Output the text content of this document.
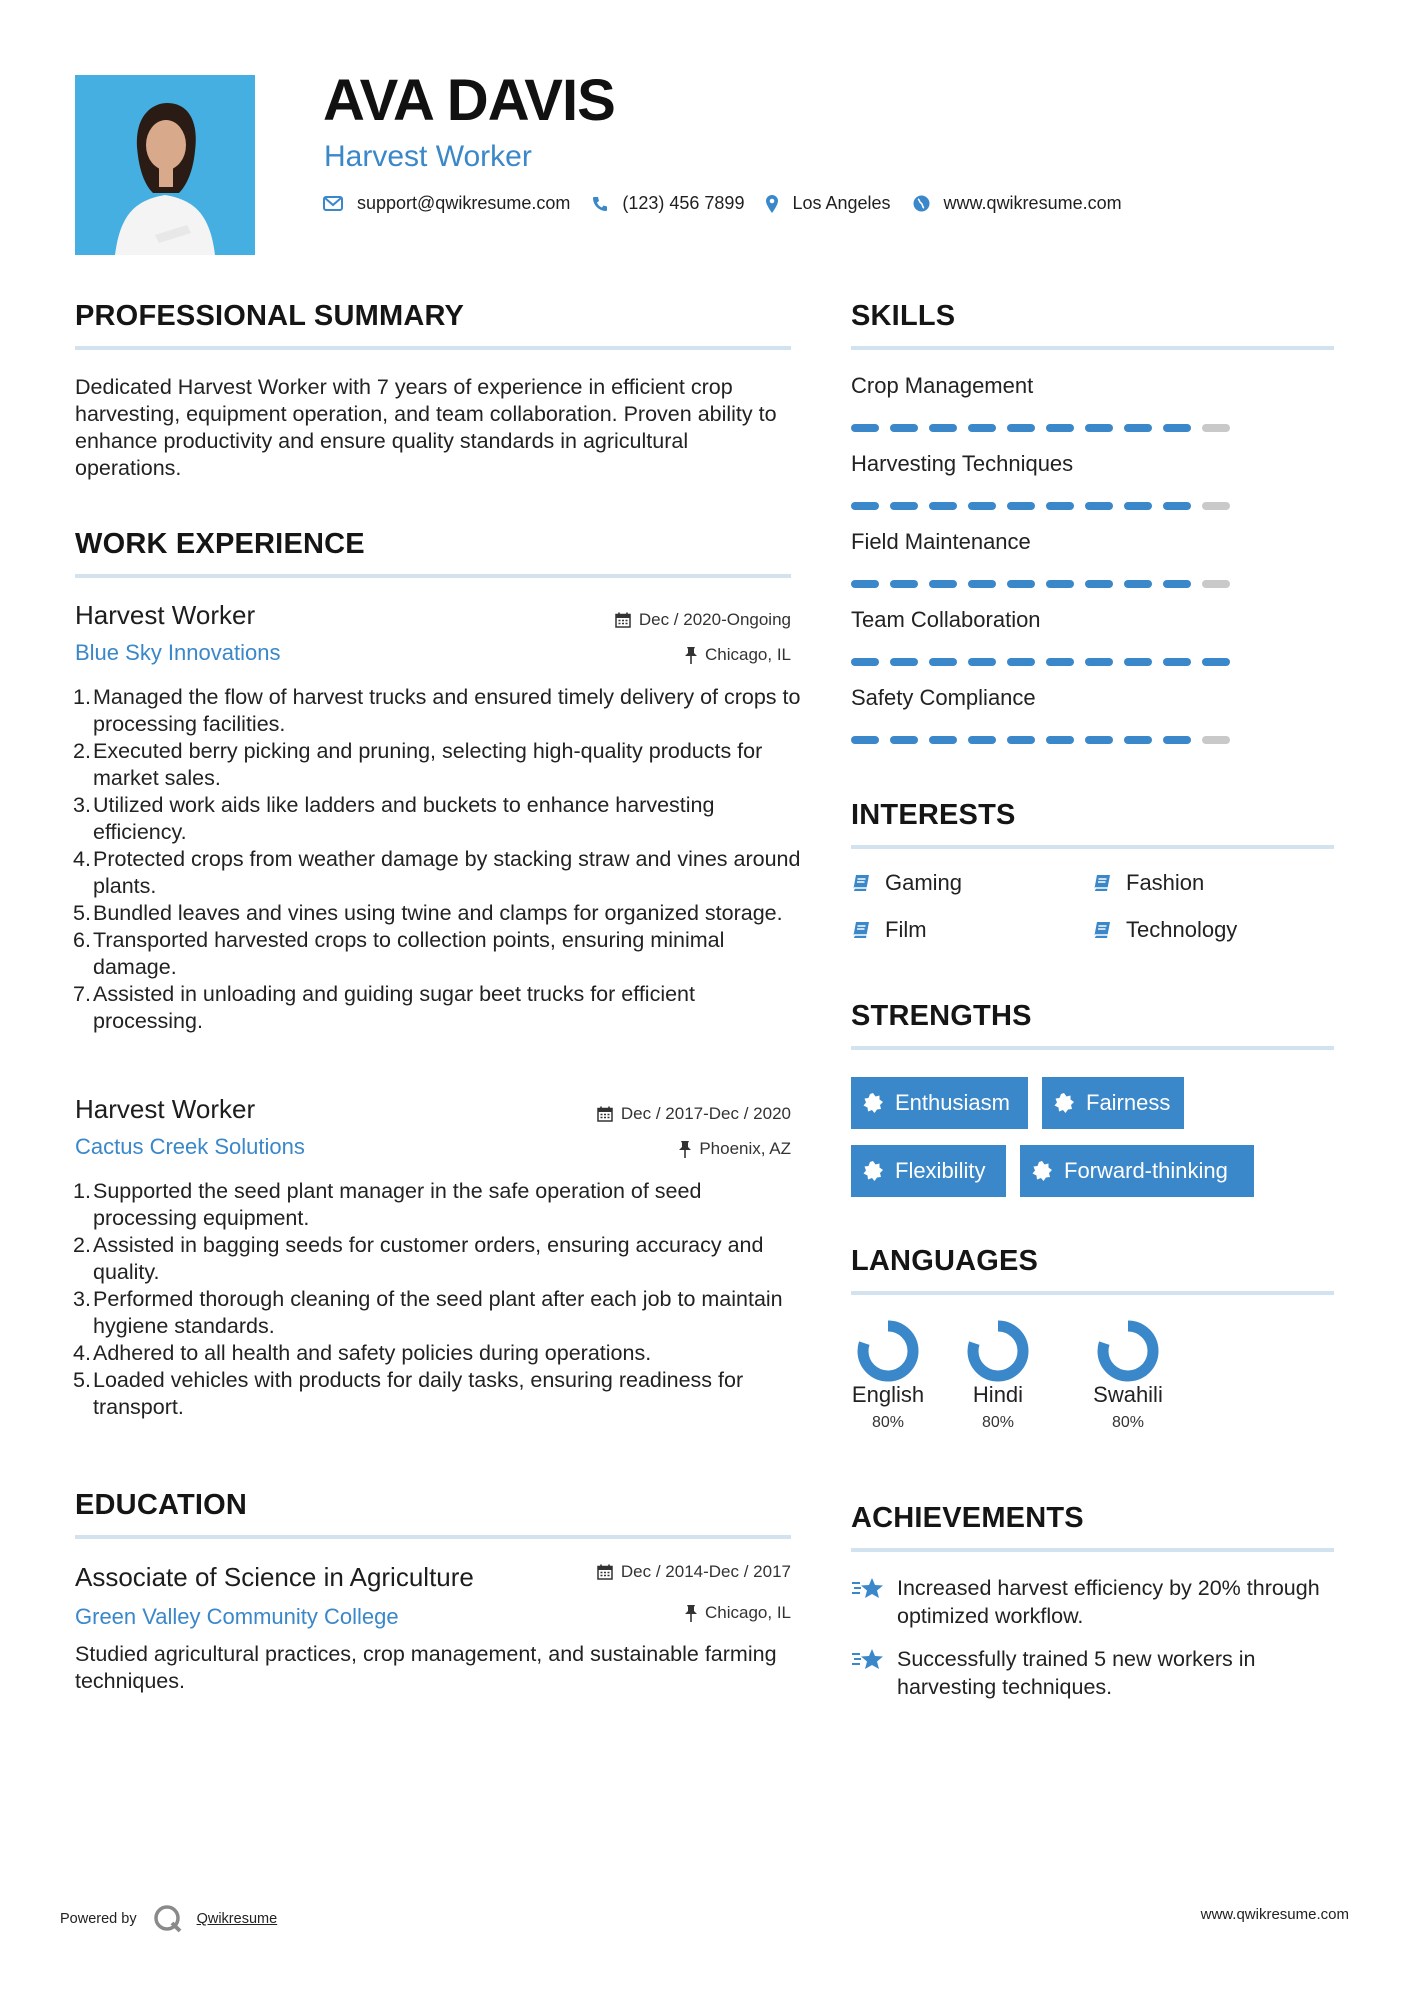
AVA DAVIS
Harvest Worker
support@qwikresume.com	(123) 456 7899	Los Angeles	www.qwikresume.com
PROFESSIONAL SUMMARY
Dedicated Harvest Worker with 7 years of experience in efficient crop harvesting, equipment operation, and team collaboration. Proven ability to enhance productivity and ensure quality standards in agricultural operations.
WORK EXPERIENCE
Harvest Worker	Dec / 2020-Ongoing
Blue Sky Innovations	Chicago, IL
Managed the flow of harvest trucks and ensured timely delivery of crops to processing facilities.
Executed berry picking and pruning, selecting high-quality products for market sales.
Utilized work aids like ladders and buckets to enhance harvesting efficiency.
Protected crops from weather damage by stacking straw and vines around plants.
Bundled leaves and vines using twine and clamps for organized storage.
Transported harvested crops to collection points, ensuring minimal damage.
Assisted in unloading and guiding sugar beet trucks for efficient processing.
Harvest Worker	Dec / 2017-Dec / 2020
Cactus Creek Solutions	Phoenix, AZ
Supported the seed plant manager in the safe operation of seed processing equipment.
Assisted in bagging seeds for customer orders, ensuring accuracy and quality.
Performed thorough cleaning of the seed plant after each job to maintain hygiene standards.
Adhered to all health and safety policies during operations.
Loaded vehicles with products for daily tasks, ensuring readiness for transport.
EDUCATION
Associate of Science in Agriculture	Dec / 2014-Dec / 2017
Green Valley Community College	Chicago, IL
Studied agricultural practices, crop management, and sustainable farming techniques.
SKILLS
Crop Management
Harvesting Techniques
Field Maintenance
Team Collaboration
Safety Compliance
INTERESTS
Gaming	Fashion
Film	Technology
STRENGTHS
Enthusiasm	Fairness
Flexibility	Forward-thinking
LANGUAGES
English
80%
Hindi
80%
Swahili
80%
ACHIEVEMENTS
Increased harvest efficiency by 20% through optimized workflow.
Successfully trained 5 new workers in harvesting techniques.
Powered by	Qwikresume	www.qwikresume.com
